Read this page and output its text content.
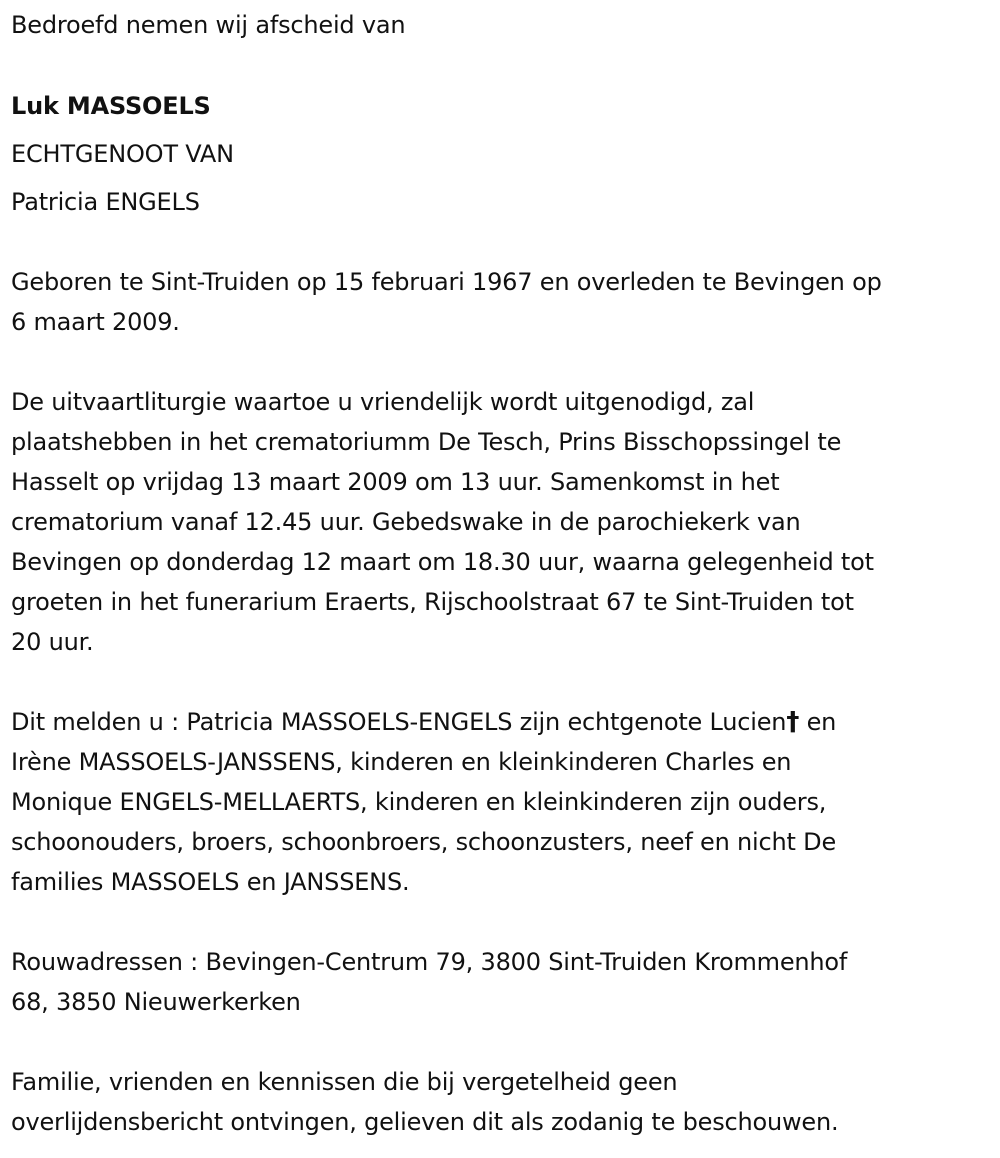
Bedroefd nemen wij afscheid van
Luk MASSOELS
ECHTGENOOT VAN
Patricia ENGELS
Geboren te Sint-Truiden op 15 februari 1967 en overleden te Bevingen op
6 maart 2009.
De uitvaartliturgie waartoe u vriendelijk wordt uitgenodigd, zal
plaatshebben in het crematoriumm De Tesch, Prins Bisschopssingel te
Hasselt op vrijdag 13 maart 2009 om 13 uur. Samenkomst in het
crematorium vanaf 12.45 uur. Gebedswake in de parochiekerk van
Bevingen op donderdag 12 maart om 18.30 uur, waarna gelegenheid tot
groeten in het funerarium Eraerts, Rijschoolstraat 67 te Sint-Truiden tot
20 uur.
Dit melden u : Patricia MASSOELS-ENGELS zijn echtgenote Lucien† en
Irène MASSOELS-JANSSENS, kinderen en kleinkinderen Charles en
Monique ENGELS-MELLAERTS, kinderen en kleinkinderen zijn ouders,
schoonouders, broers, schoonbroers, schoonzusters, neef en nicht De
families MASSOELS en JANSSENS.
Rouwadressen : Bevingen-Centrum 79, 3800 Sint-Truiden Krommenhof
68, 3850 Nieuwerkerken
Familie, vrienden en kennissen die bij vergetelheid geen
overlijdensbericht ontvingen, gelieven dit als zodanig te beschouwen.
